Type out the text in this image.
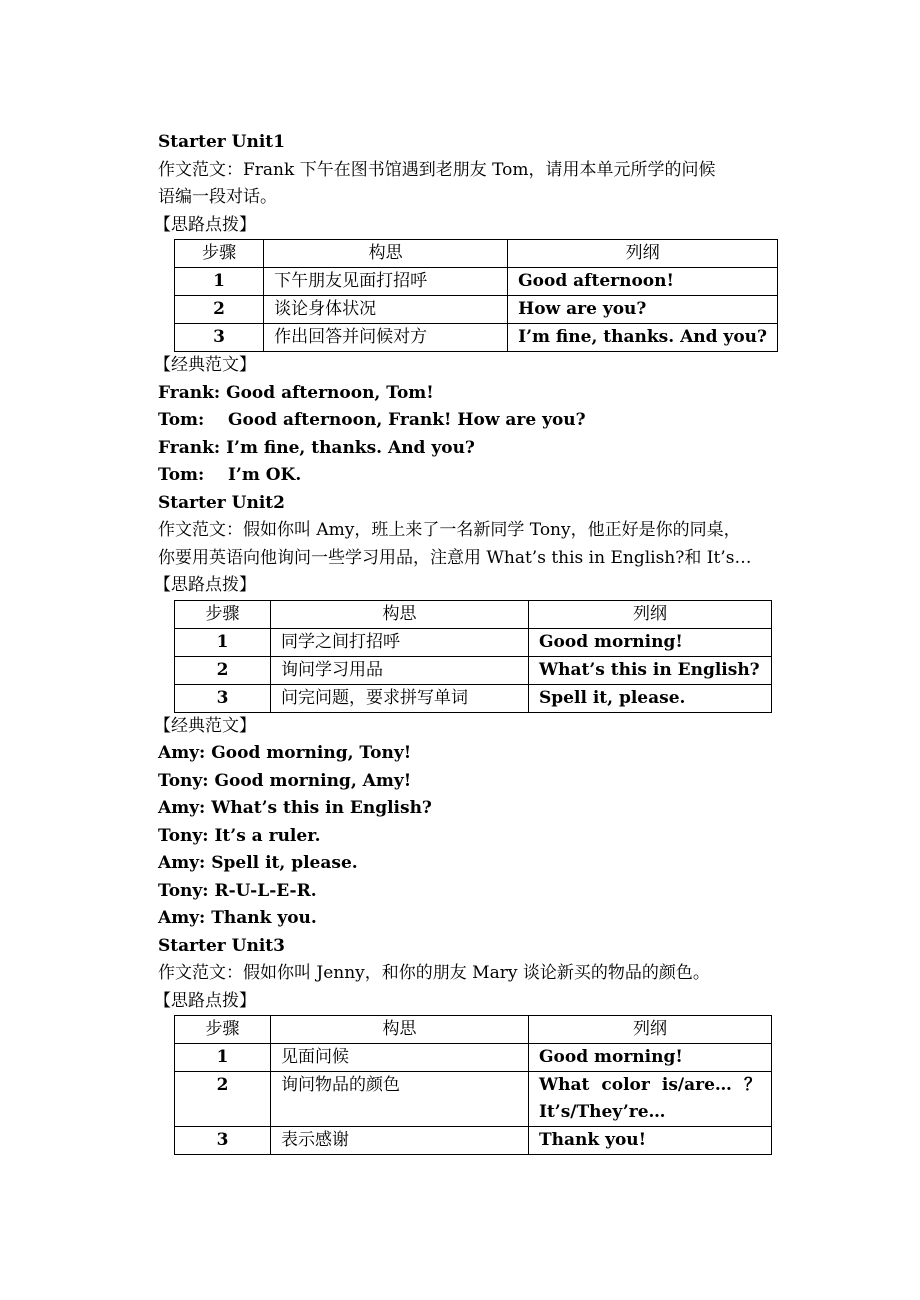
Starter Unit1
作文范文：Frank 下午在图书馆遇到老朋友 Tom，请用本单元所学的问候
语编一段对话。
【思路点拨】
步骤	构思	列纲
1	下午朋友见面打招呼	Good afternoon!
2	谈论身体状况	How are you?
3	作出回答并问候对方	I’m fine, thanks. And you?
【经典范文】
Frank: Good afternoon, Tom!
Tom:    Good afternoon, Frank! How are you?
Frank: I’m fine, thanks. And you?
Tom:    I’m OK.
Starter Unit2
作文范文：假如你叫 Amy，班上来了一名新同学 Tony，他正好是你的同桌，
你要用英语向他询问一些学习用品，注意用 What’s this in English?和 It’s…
【思路点拨】
步骤	构思	列纲
1	同学之间打招呼	Good morning!
2	询问学习用品	What’s this in English?
3	问完问题，要求拼写单词	Spell it, please.
【经典范文】
Amy: Good morning, Tony!
Tony: Good morning, Amy!
Amy: What’s this in English?
Tony: It’s a ruler.
Amy: Spell it, please.
Tony: R-U-L-E-R.
Amy: Thank you.
Starter Unit3
作文范文：假如你叫 Jenny，和你的朋友 Mary 谈论新买的物品的颜色。
【思路点拨】
步骤	构思	列纲
1	见面问候	Good morning!
2	询问物品的颜色	What color is/are… ？
It’s/They’re…

3	表示感谢	Thank you!
